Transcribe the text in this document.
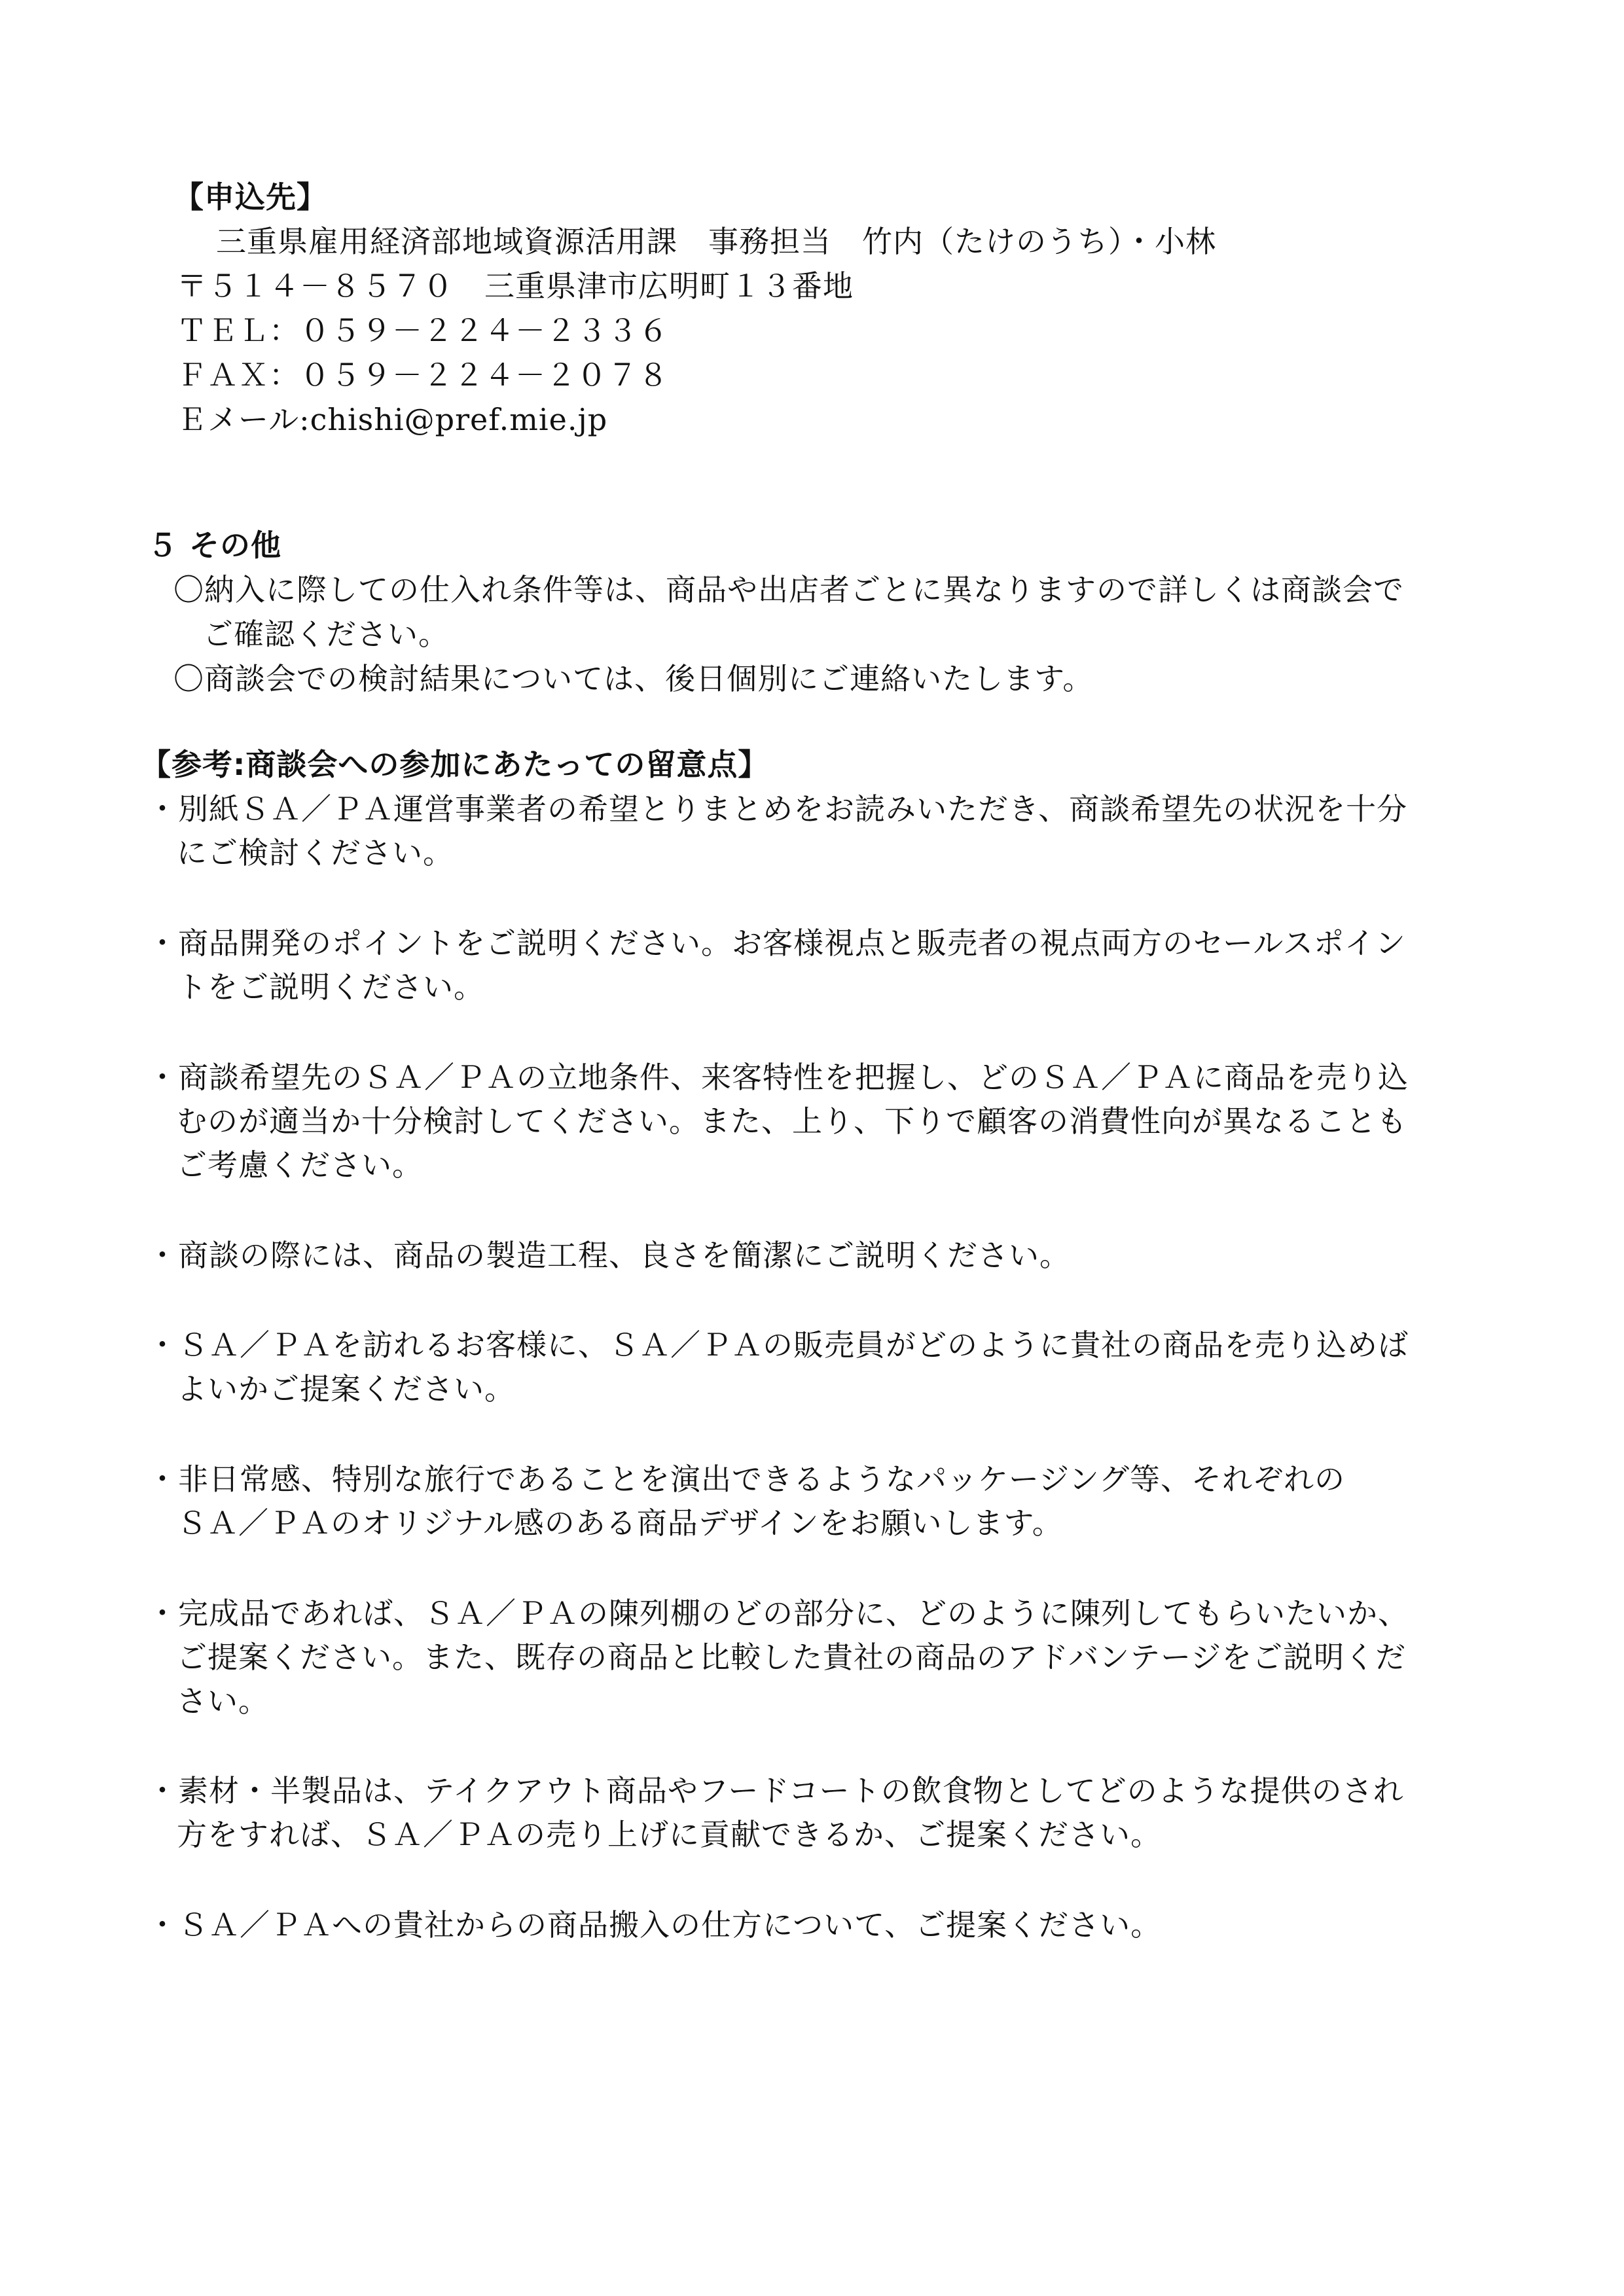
【申込先】
三重県雇用経済部地域資源活用課　事務担当　竹内（たけのうち）・小林
〒５１４－８５７０　三重県津市広明町１３番地
ＴＥＬ：０５９－２２４－２３３６
ＦＡＸ：０５９－２２４－２０７８
Ｅメール:chishi@pref.mie.jp
５ その他
〇納入に際しての仕入れ条件等は、商品や出店者ごとに異なりますので詳しくは商談会で
ご確認ください。
〇商談会での検討結果については、後日個別にご連絡いたします。
【参考:商談会への参加にあたっての留意点】
・別紙ＳＡ／ＰＡ運営事業者の希望とりまとめをお読みいただき、商談希望先の状況を十分
にご検討ください。
・商品開発のポイントをご説明ください。お客様視点と販売者の視点両方のセールスポイン
トをご説明ください。
・商談希望先のＳＡ／ＰＡの立地条件、来客特性を把握し、どのＳＡ／ＰＡに商品を売り込
むのが適当か十分検討してください。また、上り、下りで顧客の消費性向が異なることも
ご考慮ください。
・商談の際には、商品の製造工程、良さを簡潔にご説明ください。
・ＳＡ／ＰＡを訪れるお客様に、ＳＡ／ＰＡの販売員がどのように貴社の商品を売り込めば
よいかご提案ください。
・非日常感、特別な旅行であることを演出できるようなパッケージング等、それぞれの
ＳＡ／ＰＡのオリジナル感のある商品デザインをお願いします。
・完成品であれば、ＳＡ／ＰＡの陳列棚のどの部分に、どのように陳列してもらいたいか、
ご提案ください。また、既存の商品と比較した貴社の商品のアドバンテージをご説明くだ
さい。
・素材・半製品は、テイクアウト商品やフードコートの飲食物としてどのような提供のされ
方をすれば、ＳＡ／ＰＡの売り上げに貢献できるか、ご提案ください。
・ＳＡ／ＰＡへの貴社からの商品搬入の仕方について、ご提案ください。
